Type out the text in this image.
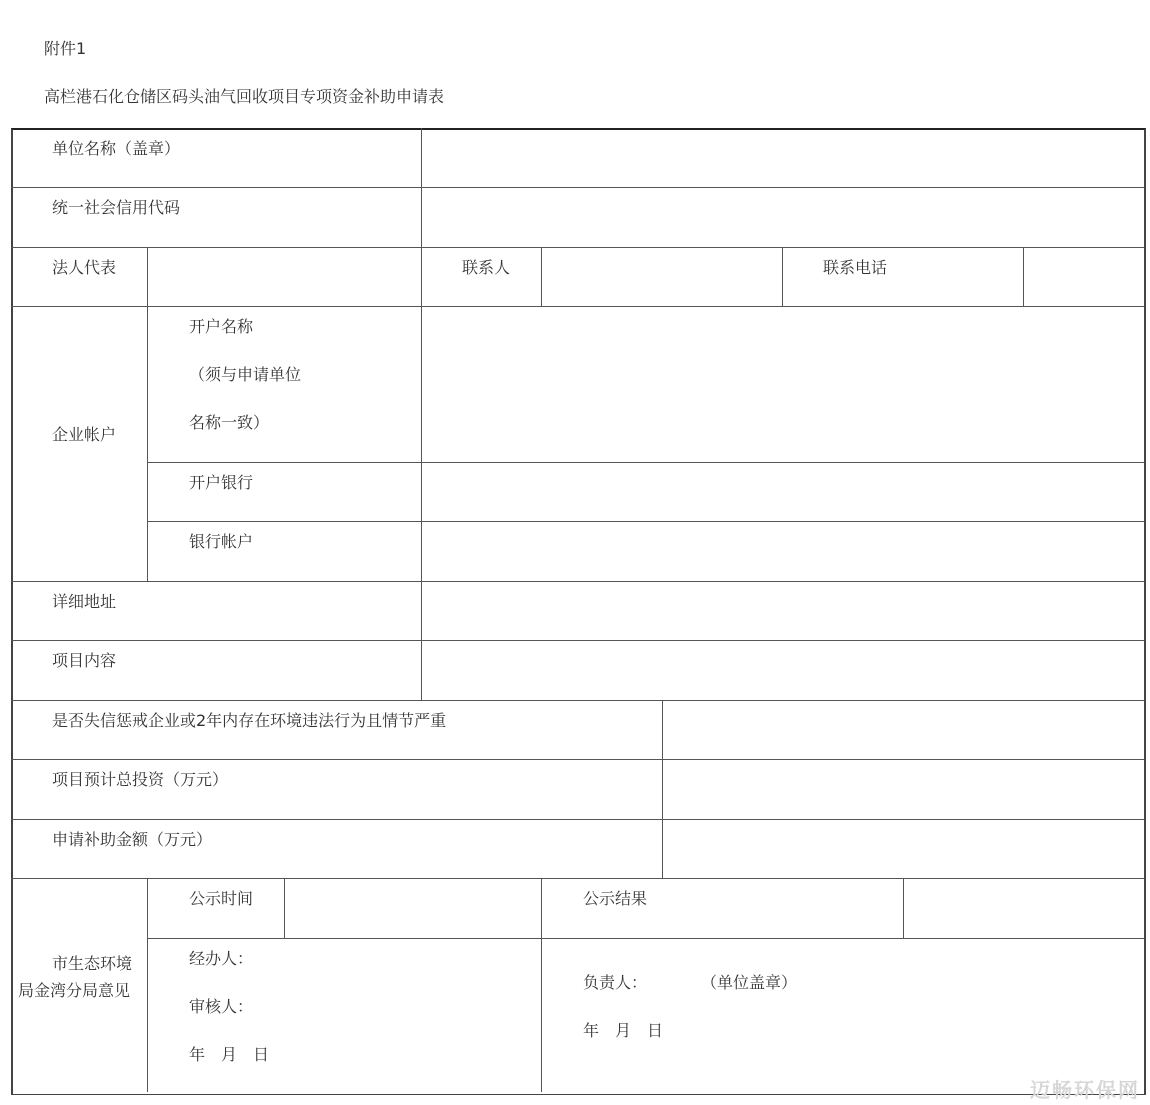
附件1
高栏港石化仓储区码头油气回收项目专项资金补助申请表
单位名称（盖章）
统一社会信用代码
法人代表	联系人	联系电话
企业帐户
开户名称
（须与申请单位
名称一致）
开户银行
银行帐户
详细地址
项目内容
是否失信惩戒企业或2年内存在环境违法行为且情节严重
项目预计总投资（万元）
申请补助金额（万元）
市生态环境
局金湾分局意见
公示时间	公示结果
经办人：
审核人：
年　月　日
负责人：	（单位盖章）
年　月　日
迈畅环保网
